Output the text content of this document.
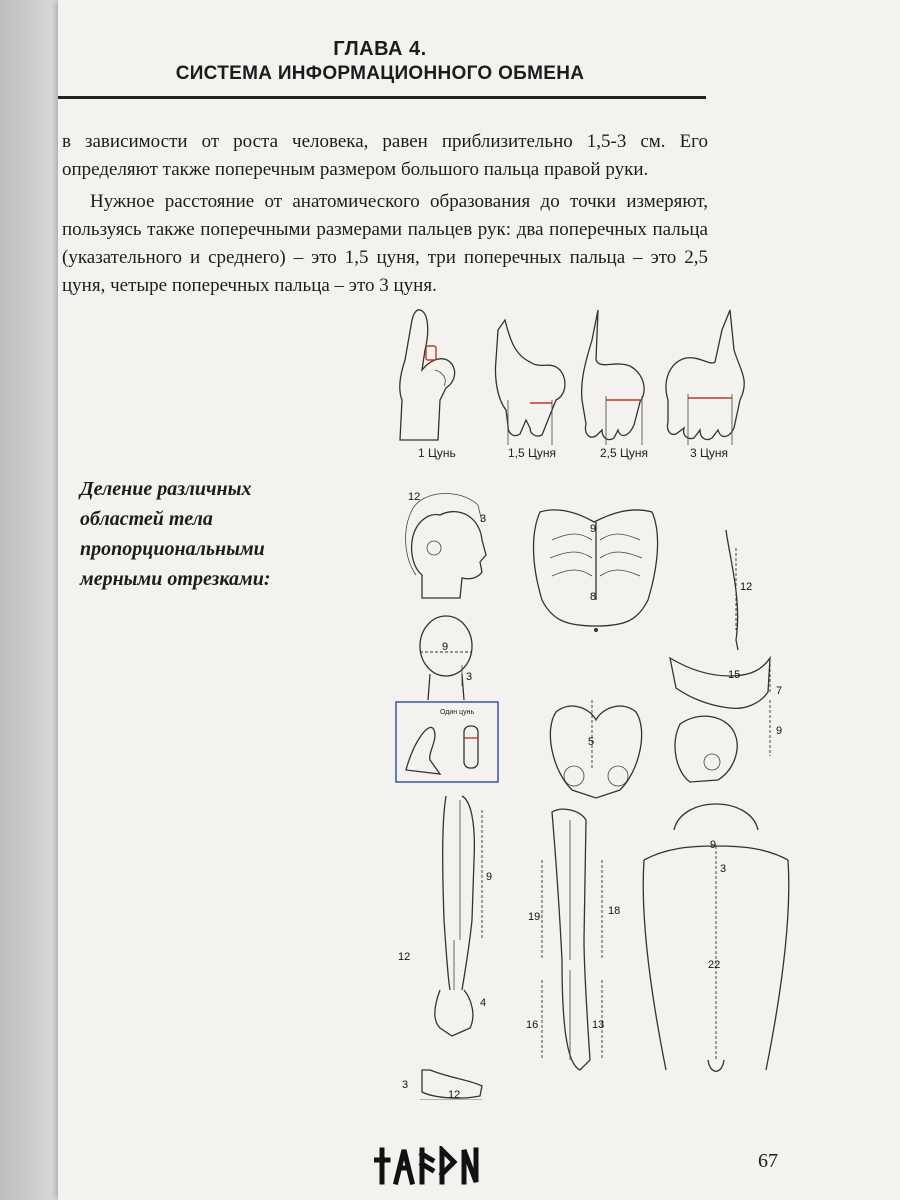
ГЛАВА 4.
СИСТЕМА ИНФОРМАЦИОННОГО ОБМЕНА

в зависимости от роста человека, равен приблизительно 1,5-3 см. Его определяют также поперечным размером большого пальца правой руки.

Нужное расстояние от анатомического образования до точки измеряют, пользуясь также поперечными размерами пальцев рук: два поперечных пальца (указательного и среднего) – это 1,5 цуня, три поперечных пальца – это 2,5 цуня, четыре поперечных пальца – это 3 цуня.

Деление различных областей тела пропорциональными мерными отрезками:
1 Цунь	1,5 Цуня	2,5 Цуня	3 Цуня
12
3
9
3
Один цунь
9
8
12
15
7
9
5
9
12
4
3
12
19	18
16	13
9
3
22
67
